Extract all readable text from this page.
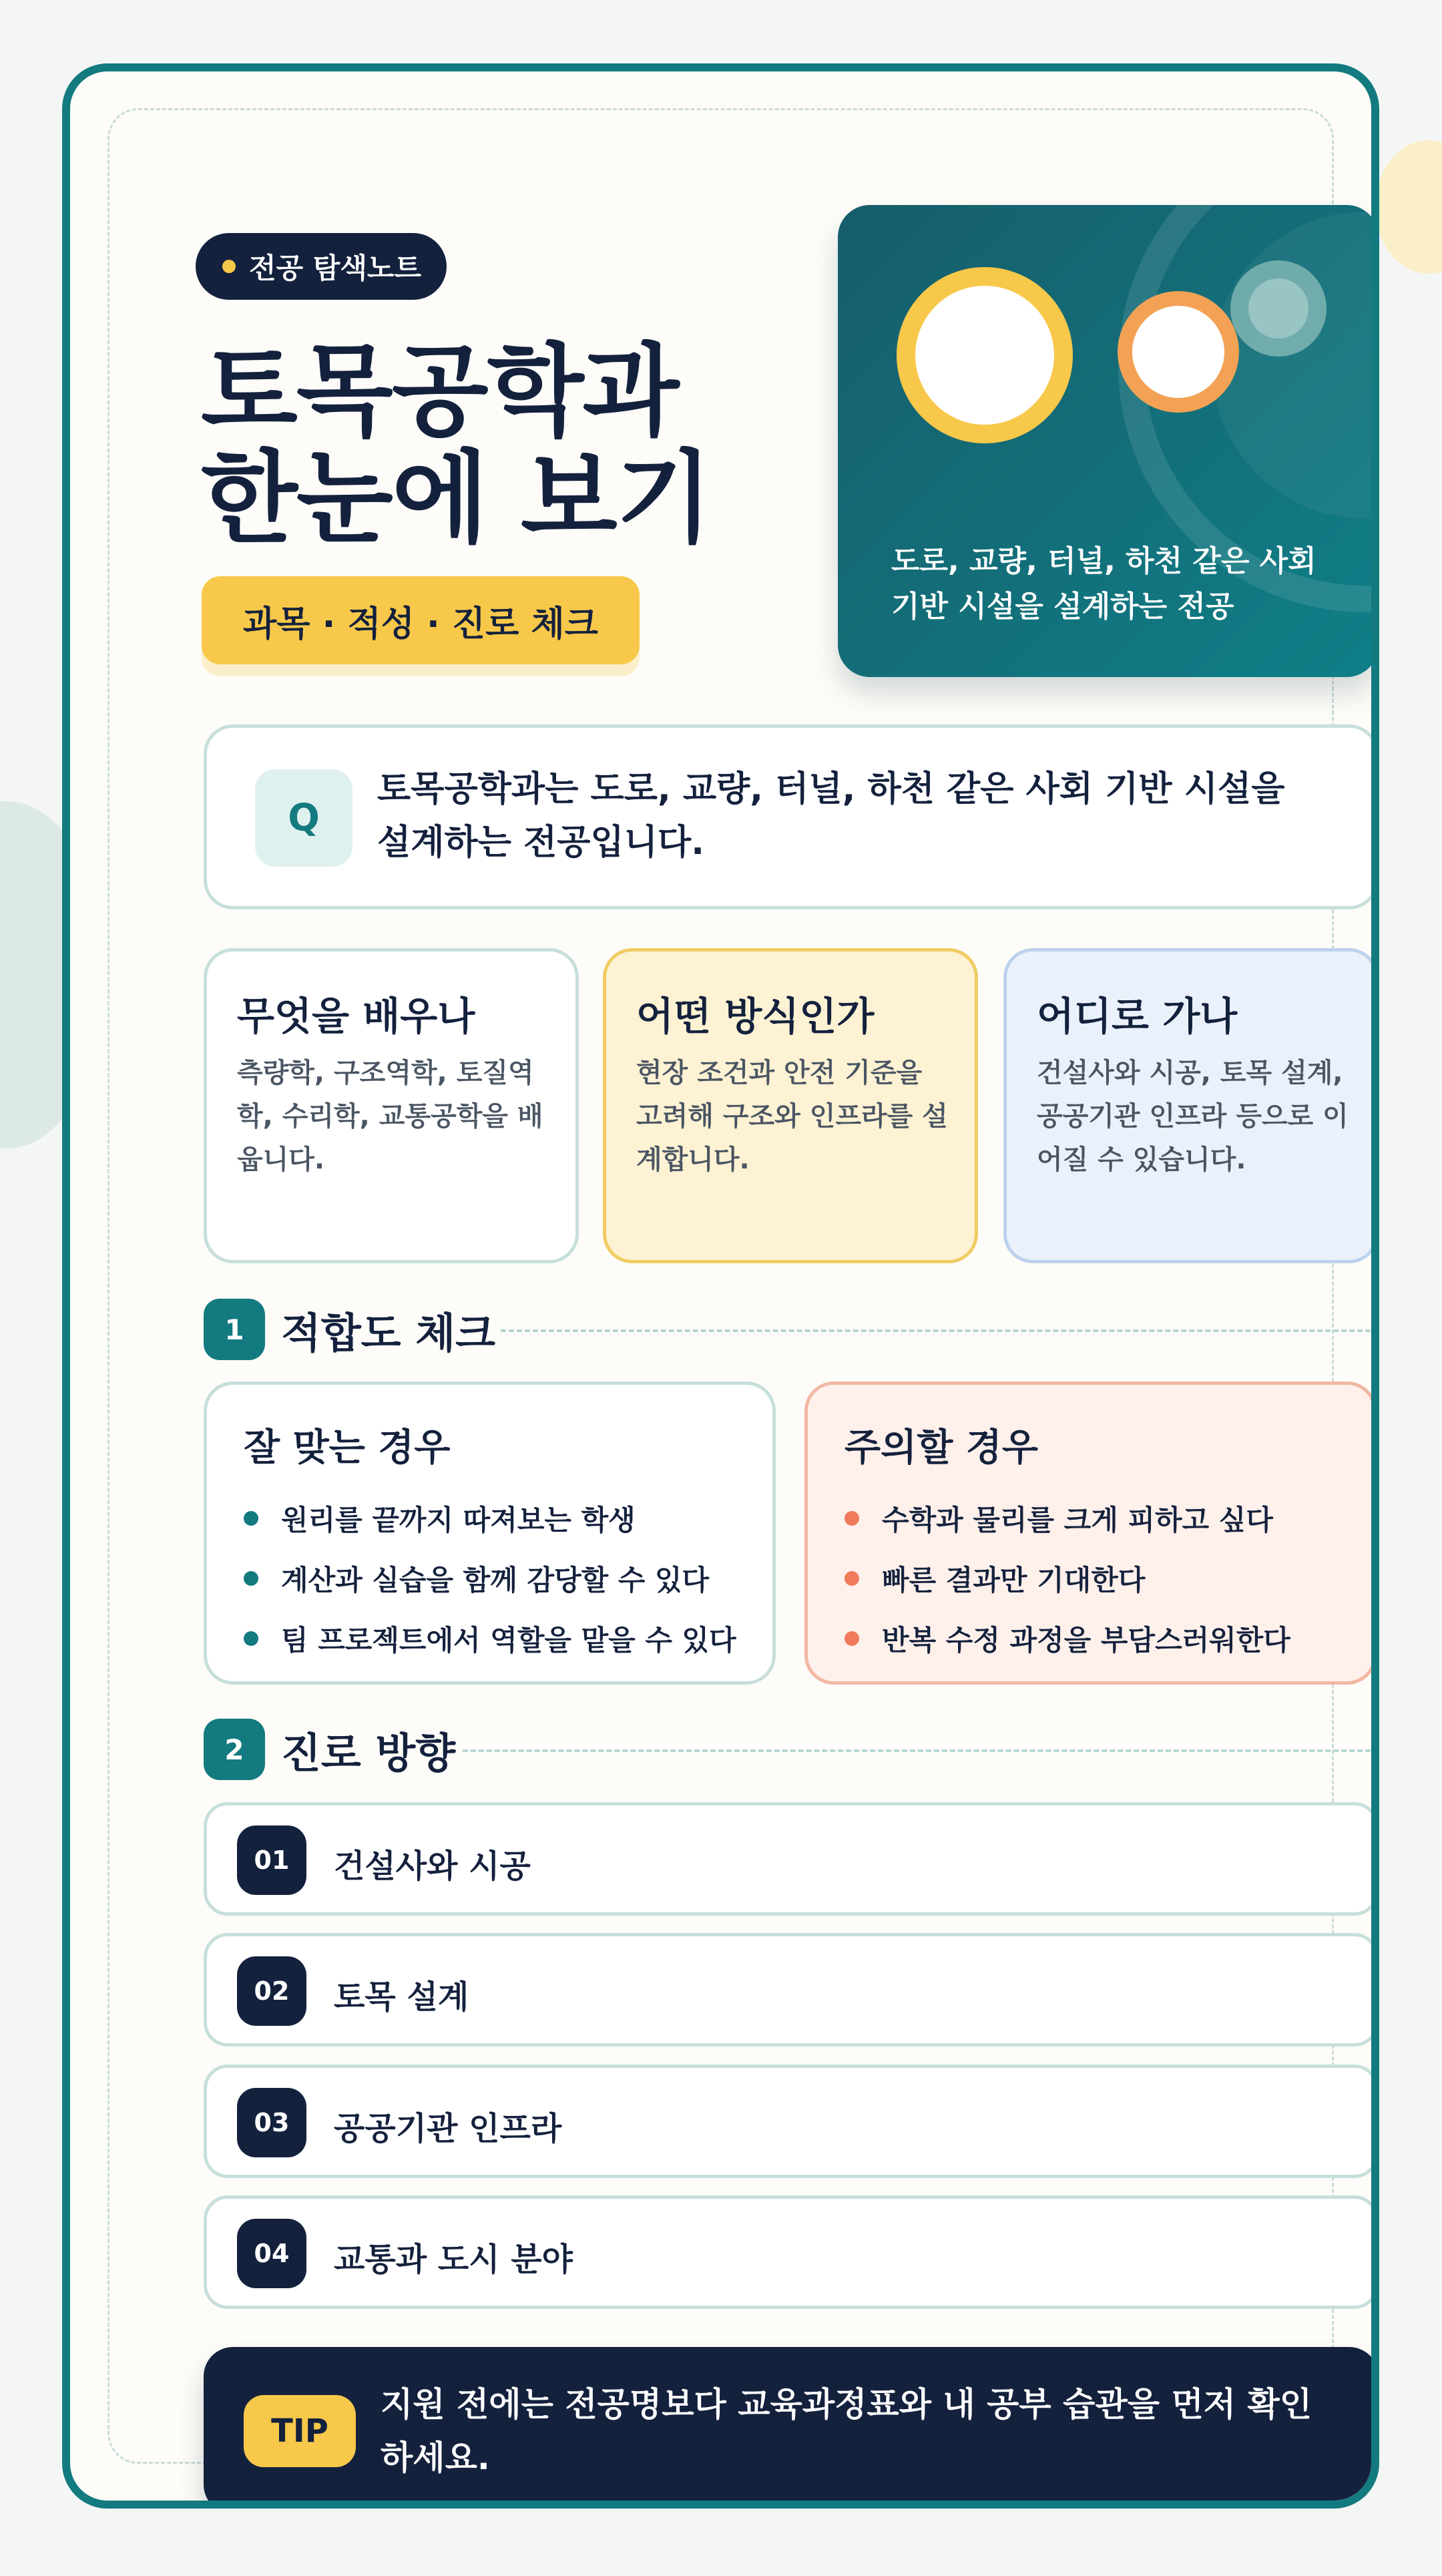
전공 탐색노트
토목공학과
한눈에 보기
과목 · 적성 · 진로 체크
도로, 교량, 터널, 하천 같은 사회 기반 시설을 설계하는 전공
Q
토목공학과는 도로, 교량, 터널, 하천 같은 사회 기반 시설을 설계하는 전공입니다.
무엇을 배우나

측량학, 구조역학, 토질역학, 수리학, 교통공학을 배웁니다.

어떤 방식인가

현장 조건과 안전 기준을 고려해 구조와 인프라를 설계합니다.

어디로 가나

건설사와 시공, 토목 설계, 공공기관 인프라 등으로 이어질 수 있습니다.

1 적합도 체크
잘 맞는 경우
원리를 끝까지 따져보는 학생
계산과 실습을 함께 감당할 수 있다
팀 프로젝트에서 역할을 맡을 수 있다
주의할 경우
수학과 물리를 크게 피하고 싶다
빠른 결과만 기대한다
반복 수정 과정을 부담스러워한다
2 진로 방향
01	건설사와 시공
02	토목 설계
03	공공기관 인프라
04	교통과 도시 분야
TIP
지원 전에는 전공명보다 교육과정표와 내 공부 습관을 먼저 확인하세요.
